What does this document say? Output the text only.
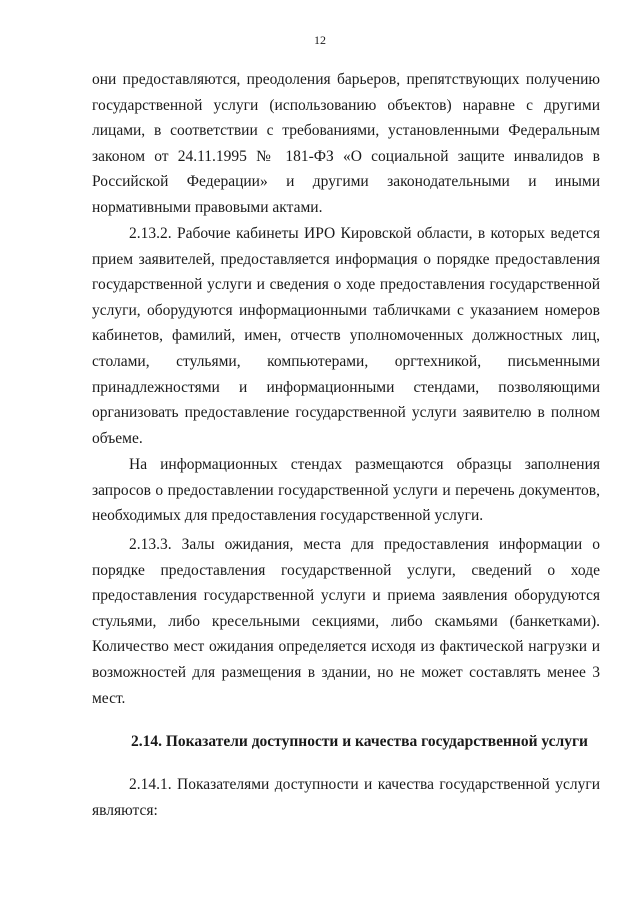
12

они предоставляются, преодоления барьеров, препятствующих получению государственной услуги (использованию объектов) наравне с другими лицами, в соответствии с требованиями, установленными Федеральным законом от 24.11.1995 № 181-ФЗ «О социальной защите инвалидов в Российской Федерации» и другими законодательными и иными нормативными правовыми актами.

2.13.2. Рабочие кабинеты ИРО Кировской области, в которых ведется прием заявителей, предоставляется информация о порядке предоставления государственной услуги и сведения о ходе предоставления государственной услуги, оборудуются информационными табличками с указанием номеров кабинетов, фамилий, имен, отчеств уполномоченных должностных лиц, столами, стульями, компьютерами, оргтехникой, письменными принадлежностями и информационными стендами, позволяющими организовать предоставление государственной услуги заявителю в полном объеме.

На информационных стендах размещаются образцы заполнения запросов о предоставлении государственной услуги и перечень документов, необходимых для предоставления государственной услуги.

2.13.3. Залы ожидания, места для предоставления информации о порядке предоставления государственной услуги, сведений о ходе предоставления государственной услуги и приема заявления оборудуются стульями, либо кресельными секциями, либо скамьями (банкетками). Количество мест ожидания определяется исходя из фактической нагрузки и возможностей для размещения в здании, но не может составлять менее 3 мест.

2.14. Показатели доступности и качества государственной услуги

2.14.1. Показателями доступности и качества государственной услуги являются:
